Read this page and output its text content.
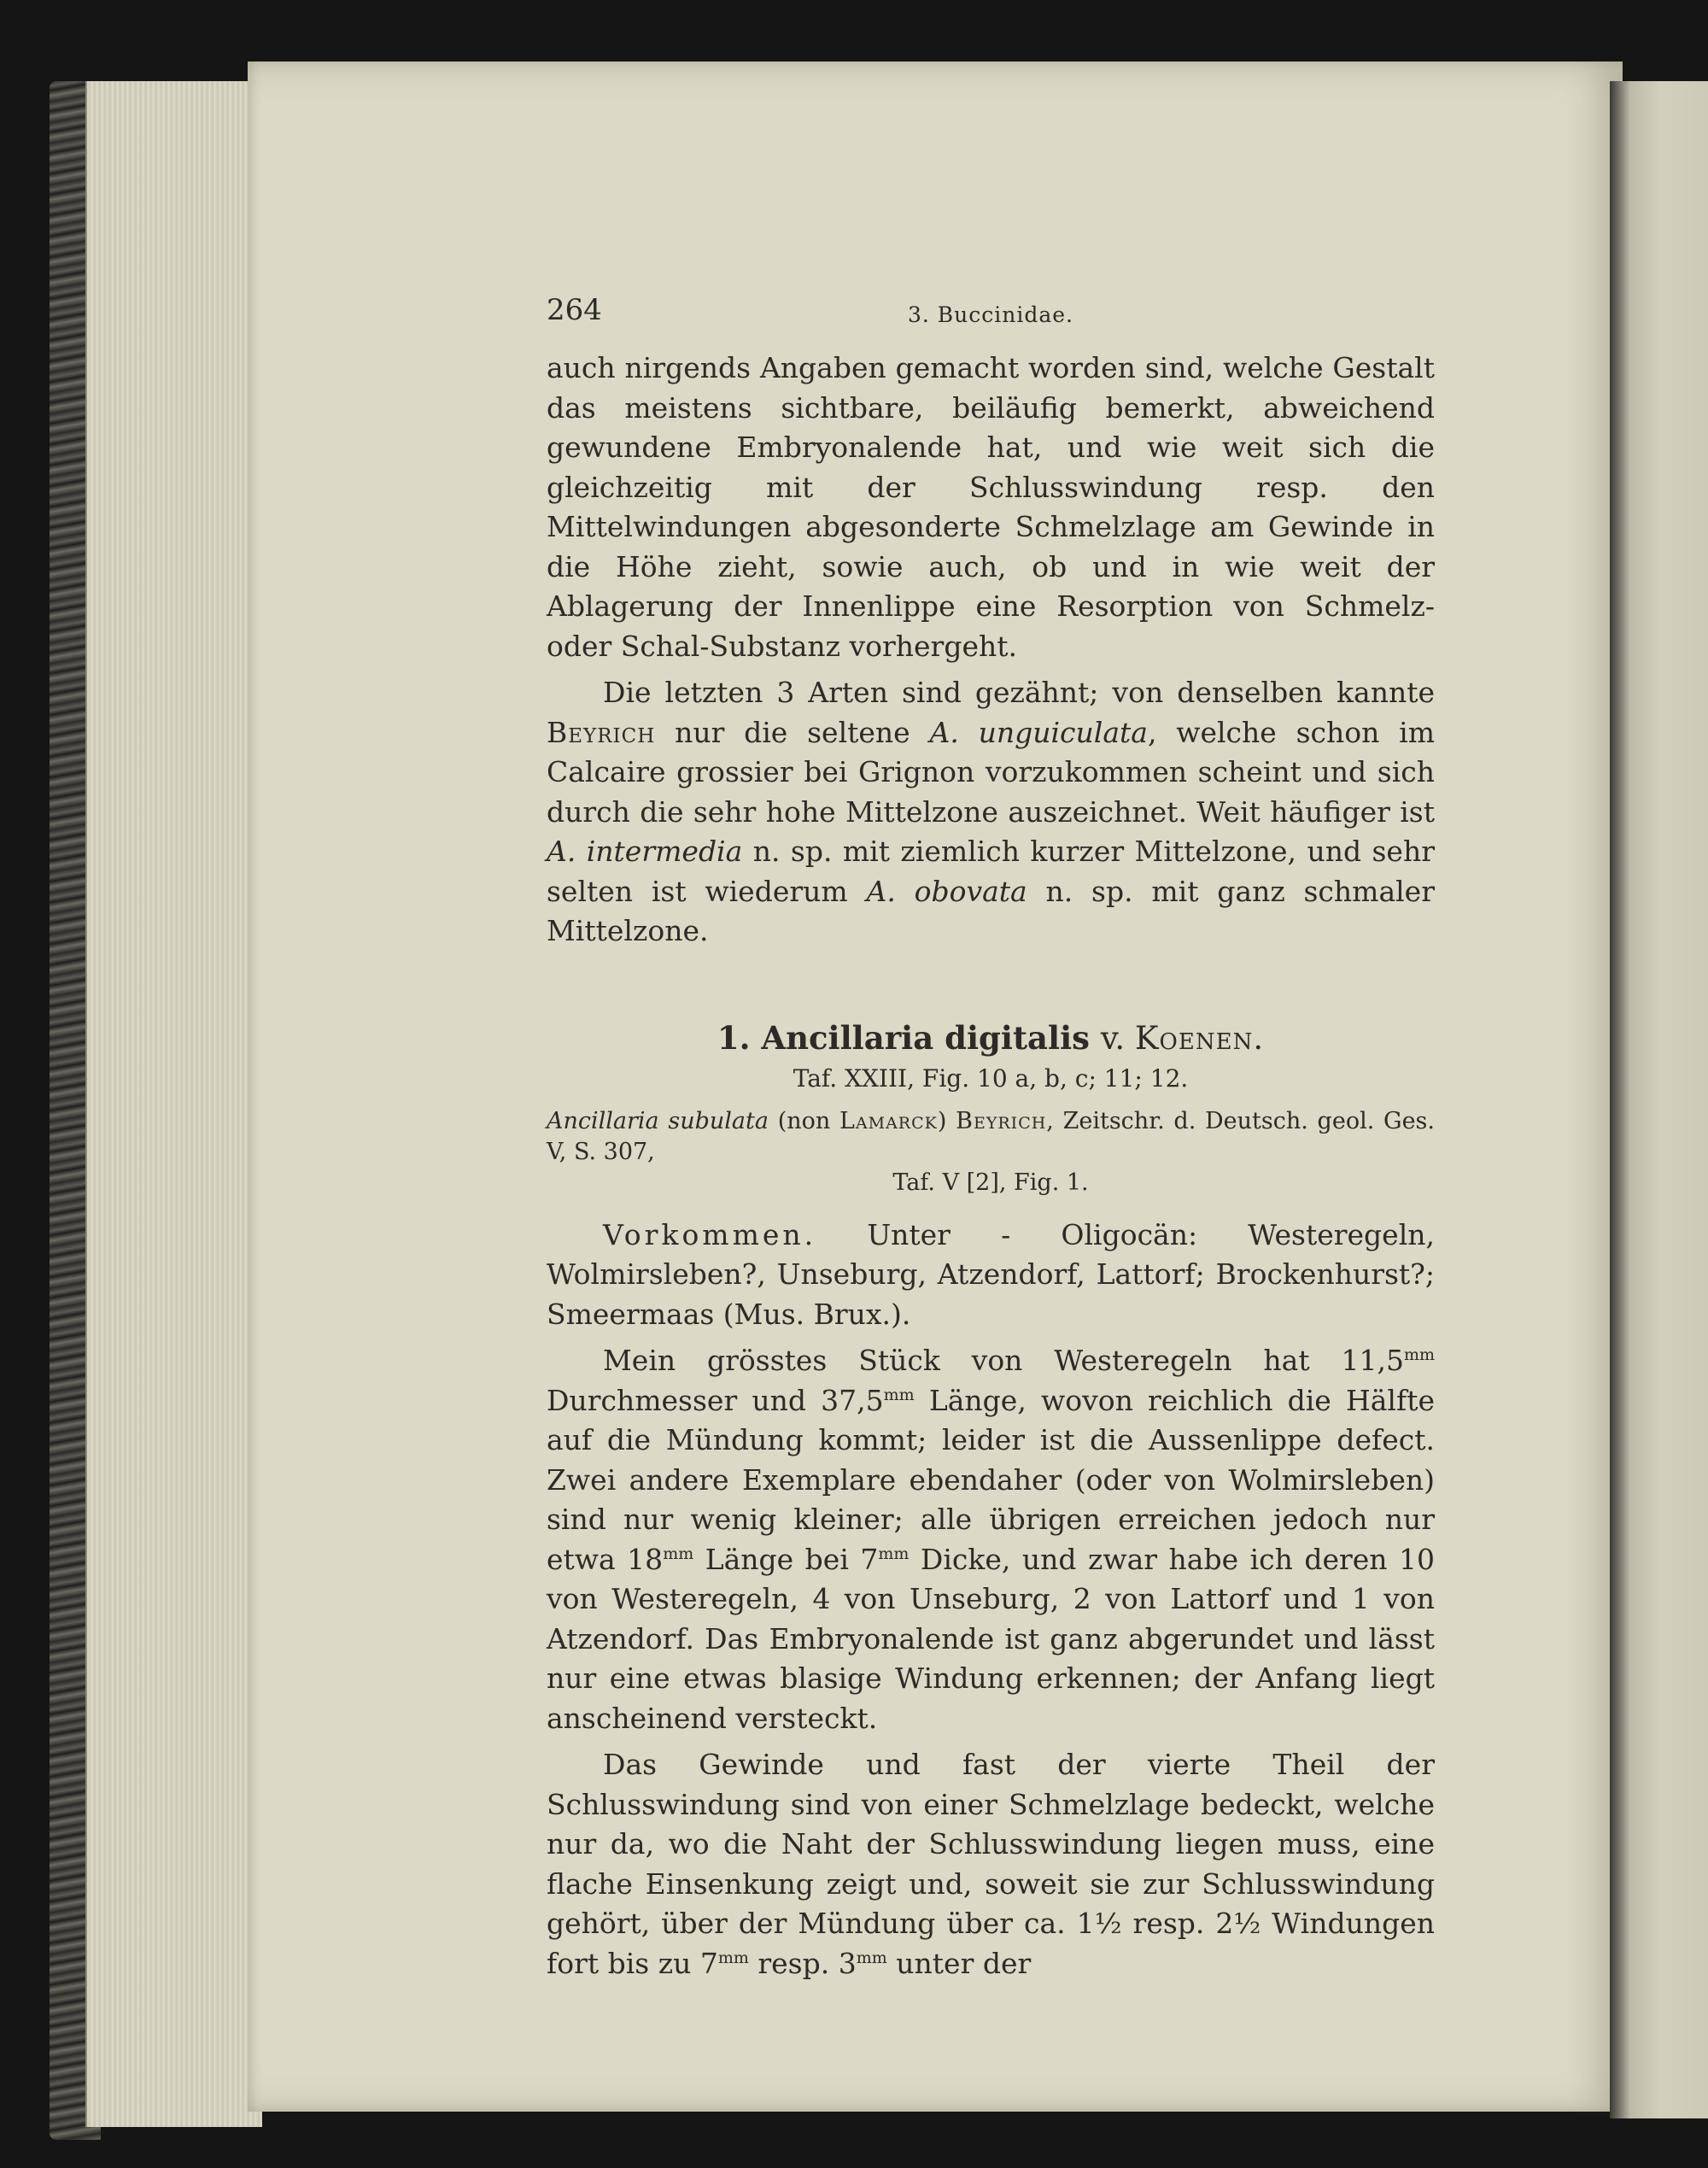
264	3. Buccinidae.

auch nirgends Angaben gemacht worden sind, welche Gestalt das meistens sichtbare, beiläufig bemerkt, abweichend gewundene Embryonalende hat, und wie weit sich die gleichzeitig mit der Schlusswindung resp. den Mittelwindungen abgesonderte Schmelzlage am Gewinde in die Höhe zieht, sowie auch, ob und in wie weit der Ablagerung der Innenlippe eine Resorption von Schmelz- oder Schal-Substanz vorhergeht.

Die letzten 3 Arten sind gezähnt; von denselben kannte Beyrich nur die seltene A. unguiculata, welche schon im Calcaire grossier bei Grignon vorzukommen scheint und sich durch die sehr hohe Mittelzone auszeichnet. Weit häufiger ist A. intermedia n. sp. mit ziemlich kurzer Mittelzone, und sehr selten ist wiederum A. obovata n. sp. mit ganz schmaler Mittelzone.

1. Ancillaria digitalis v. Koenen.
Taf. XXIII, Fig. 10 a, b, c; 11; 12.
Ancillaria subulata (non Lamarck) Beyrich, Zeitschr. d. Deutsch. geol. Ges. V, S. 307,
Taf. V [2], Fig. 1.

Vorkommen. Unter - Oligocän: Westeregeln, Wolmirsleben?, Unseburg, Atzendorf, Lattorf; Brockenhurst?; Smeermaas (Mus. Brux.).

Mein grösstes Stück von Westeregeln hat $11,5^{mm}$ Durchmesser und $37,5^{mm}$ Länge, wovon reichlich die Hälfte auf die Mündung kommt; leider ist die Aussenlippe defect. Zwei andere Exemplare ebendaher (oder von Wolmirsleben) sind nur wenig kleiner; alle übrigen erreichen jedoch nur etwa $18^{mm}$ Länge bei $7^{mm}$ Dicke, und zwar habe ich deren 10 von Westeregeln, 4 von Unseburg, 2 von Lattorf und 1 von Atzendorf. Das Embryonalende ist ganz abgerundet und lässt nur eine etwas blasige Windung erkennen; der Anfang liegt anscheinend versteckt.

Das Gewinde und fast der vierte Theil der Schlusswindung sind von einer Schmelzlage bedeckt, welche nur da, wo die Naht der Schlusswindung liegen muss, eine flache Einsenkung zeigt und, soweit sie zur Schlusswindung gehört, über der Mündung über ca. 1½ resp. 2½ Windungen fort bis zu $7^{mm}$ resp. $3^{mm}$ unter der
